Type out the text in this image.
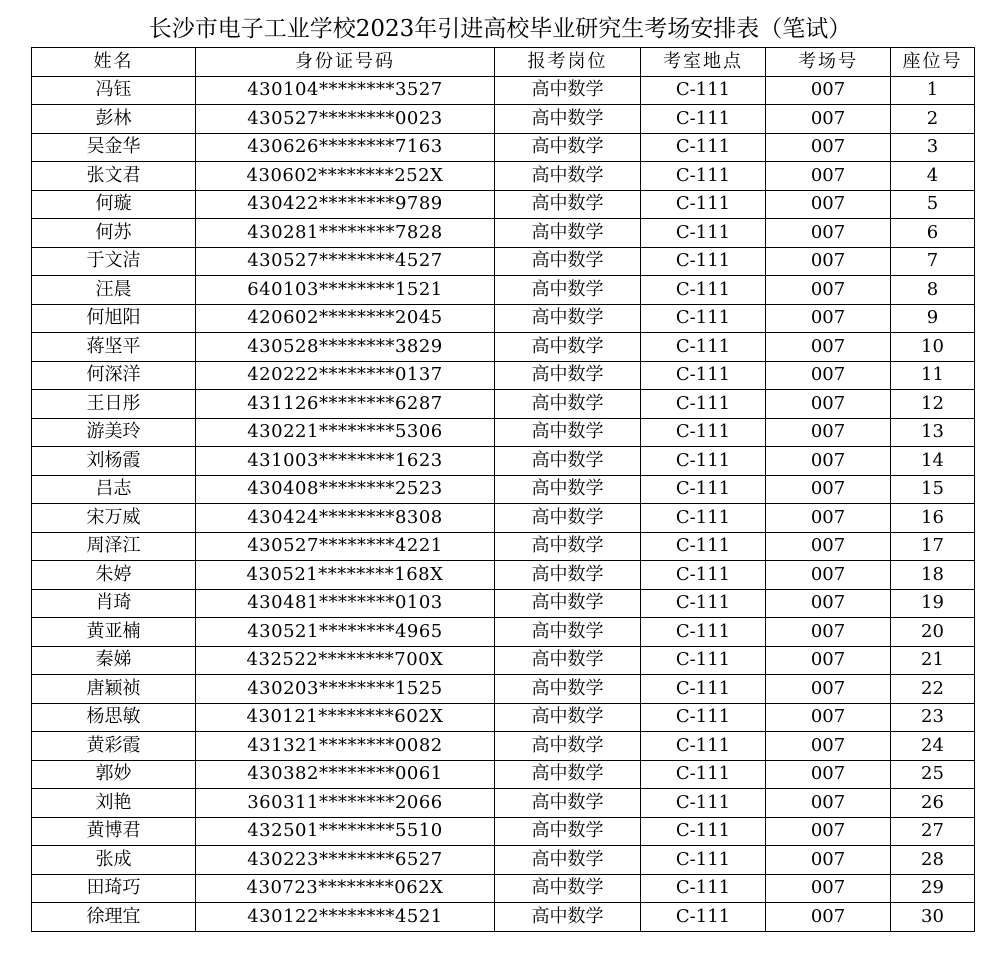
长沙市电子工业学校2023年引进高校毕业研究生考场安排表（笔试）
姓名	身份证号码	报考岗位	考室地点	考场号	座位号
冯钰	430104********3527	高中数学	C-111	007	1
彭林	430527********0023	高中数学	C-111	007	2
吴金华	430626********7163	高中数学	C-111	007	3
张文君	430602********252X	高中数学	C-111	007	4
何璇	430422********9789	高中数学	C-111	007	5
何苏	430281********7828	高中数学	C-111	007	6
于文洁	430527********4527	高中数学	C-111	007	7
汪晨	640103********1521	高中数学	C-111	007	8
何旭阳	420602********2045	高中数学	C-111	007	9
蒋坚平	430528********3829	高中数学	C-111	007	10
何深洋	420222********0137	高中数学	C-111	007	11
王日彤	431126********6287	高中数学	C-111	007	12
游美玲	430221********5306	高中数学	C-111	007	13
刘杨霞	431003********1623	高中数学	C-111	007	14
吕志	430408********2523	高中数学	C-111	007	15
宋万威	430424********8308	高中数学	C-111	007	16
周泽江	430527********4221	高中数学	C-111	007	17
朱婷	430521********168X	高中数学	C-111	007	18
肖琦	430481********0103	高中数学	C-111	007	19
黄亚楠	430521********4965	高中数学	C-111	007	20
秦娣	432522********700X	高中数学	C-111	007	21
唐颖祯	430203********1525	高中数学	C-111	007	22
杨思敏	430121********602X	高中数学	C-111	007	23
黄彩霞	431321********0082	高中数学	C-111	007	24
郭妙	430382********0061	高中数学	C-111	007	25
刘艳	360311********2066	高中数学	C-111	007	26
黄博君	432501********5510	高中数学	C-111	007	27
张成	430223********6527	高中数学	C-111	007	28
田琦巧	430723********062X	高中数学	C-111	007	29
徐理宜	430122********4521	高中数学	C-111	007	30
